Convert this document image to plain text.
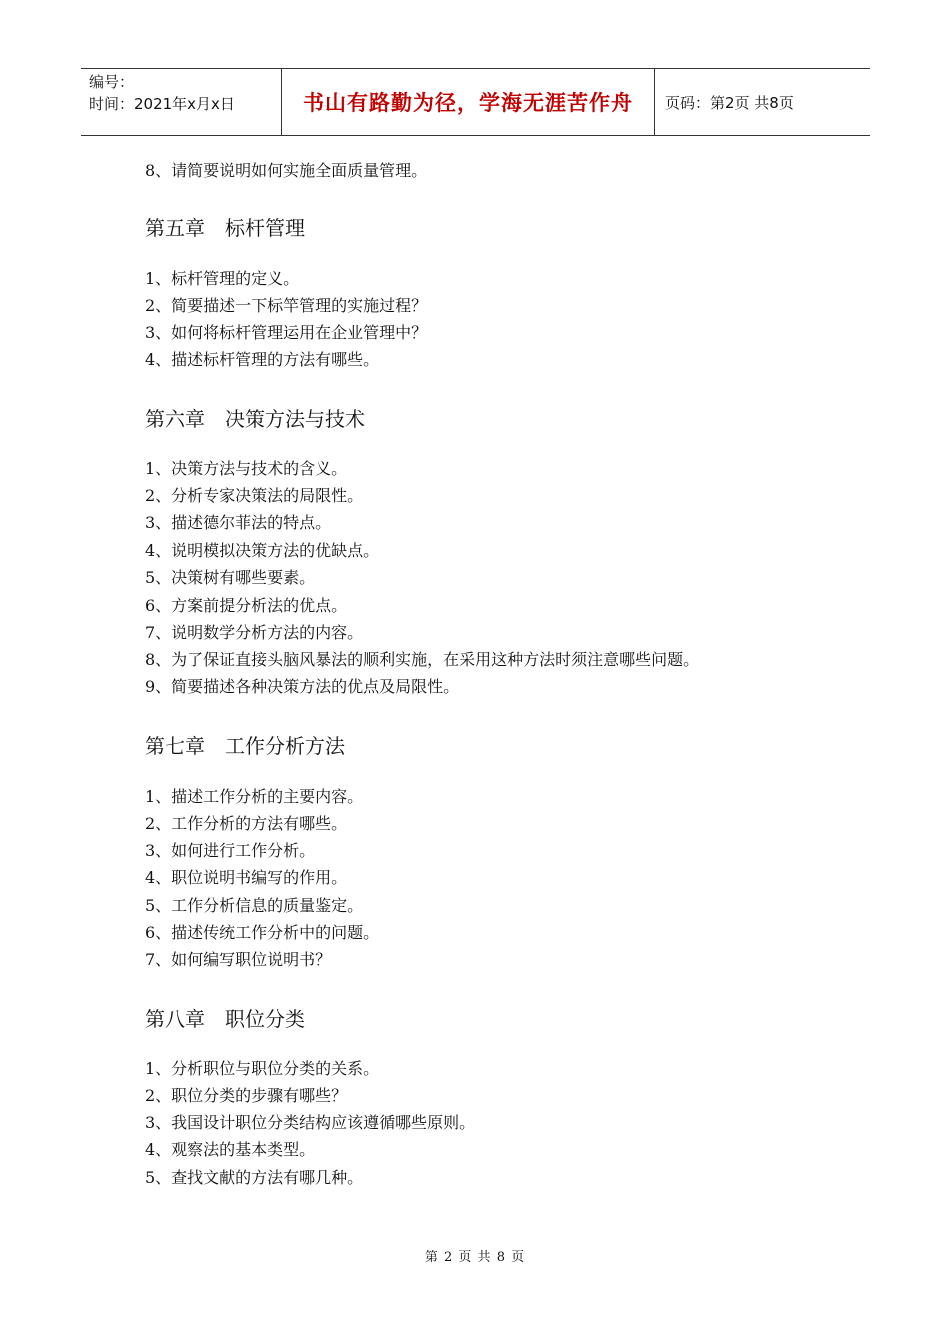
编号：
时间：2021年x月x日	书山有路勤为径，学海无涯苦作舟 页码：第2页 共8页
8、请简要说明如何实施全面质量管理。
第五章　标杆管理
1、标杆管理的定义。
2、简要描述一下标竿管理的实施过程？
3、如何将标杆管理运用在企业管理中？
4、描述标杆管理的方法有哪些。
第六章　决策方法与技术
1、决策方法与技术的含义。
2、分析专家决策法的局限性。
3、描述德尔菲法的特点。
4、说明模拟决策方法的优缺点。
5、决策树有哪些要素。
6、方案前提分析法的优点。
7、说明数学分析方法的内容。
8、为了保证直接头脑风暴法的顺利实施，在采用这种方法时须注意哪些问题。
9、简要描述各种决策方法的优点及局限性。
第七章　工作分析方法
1、描述工作分析的主要内容。
2、工作分析的方法有哪些。
3、如何进行工作分析。
4、职位说明书编写的作用。
5、工作分析信息的质量鉴定。
6、描述传统工作分析中的问题。
7、如何编写职位说明书？
第八章　职位分类
1、分析职位与职位分类的关系。
2、职位分类的步骤有哪些？
3、我国设计职位分类结构应该遵循哪些原则。
4、观察法的基本类型。
5、查找文献的方法有哪几种。
第 2 页 共 8 页
